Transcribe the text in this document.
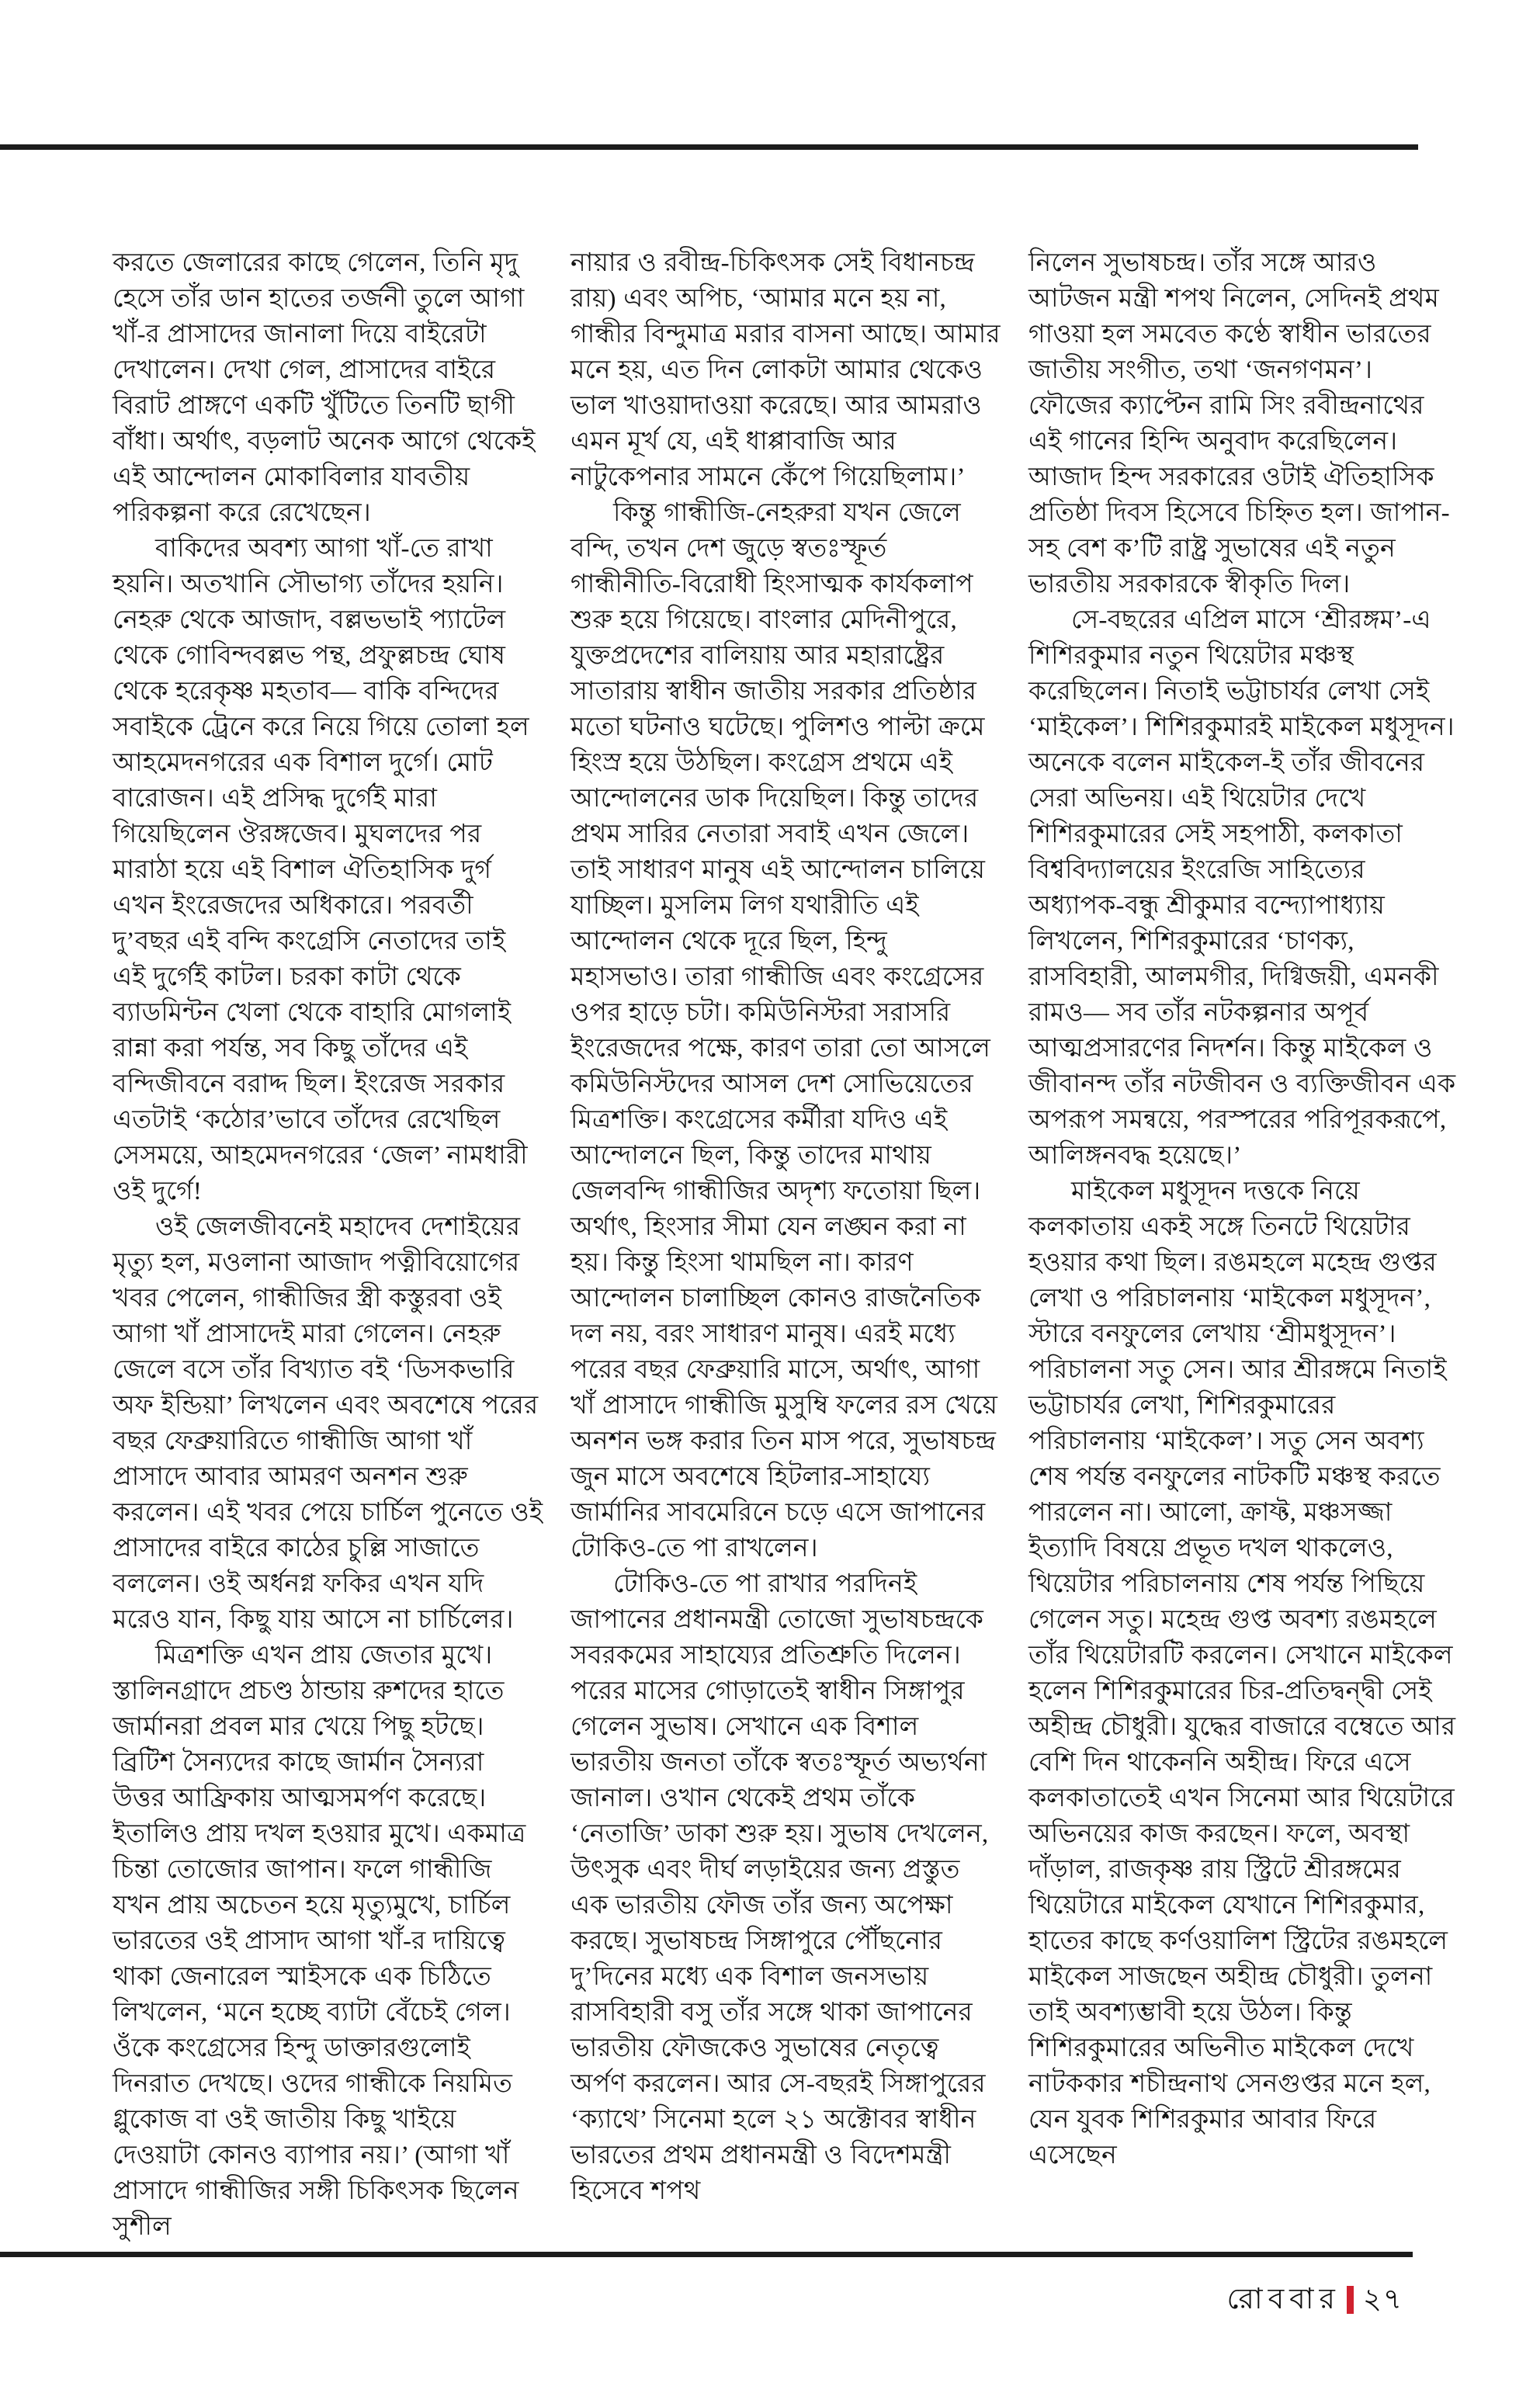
করতে জেলারের কাছে গেলেন, তিনি মৃদু হেসে তাঁর ডান হাতের তর্জনী তুলে আগা খাঁ-র প্রাসাদের জানালা দিয়ে বাইরেটা দেখালেন। দেখা গেল, প্রাসাদের বাইরে বিরাট প্রাঙ্গণে একটি খুঁটিতে তিনটি ছাগী বাঁধা। অর্থাৎ, বড়লাট অনেক আগে থেকেই এই আন্দোলন মোকাবিলার যাবতীয় পরিকল্পনা করে রেখেছেন।

বাকিদের অবশ্য আগা খাঁ-তে রাখা হয়নি। অতখানি সৌভাগ্য তাঁদের হয়নি। নেহরু থেকে আজাদ, বল্লভভাই প্যাটেল থেকে গোবিন্দবল্লভ পন্থ, প্রফুল্লচন্দ্র ঘোষ থেকে হরেকৃষ্ণ মহতাব— বাকি বন্দিদের সবাইকে ট্রেনে করে নিয়ে গিয়ে তোলা হল আহমেদনগরের এক বিশাল দুর্গে। মোট বারোজন। এই প্রসিদ্ধ দুর্গেই মারা গিয়েছিলেন ঔরঙ্গজেব। মুঘলদের পর মারাঠা হয়ে এই বিশাল ঐতিহাসিক দুর্গ এখন ইংরেজদের অধিকারে। পরবর্তী দু’বছর এই বন্দি কংগ্রেসি নেতাদের তাই এই দুর্গেই কাটল। চরকা কাটা থেকে ব্যাডমিন্টন খেলা থেকে বাহারি মোগলাই রান্না করা পর্যন্ত, সব কিছু তাঁদের এই বন্দিজীবনে বরাদ্দ ছিল। ইংরেজ সরকার এতটাই ‘কঠোর’ভাবে তাঁদের রেখেছিল সেসময়ে, আহমেদনগরের ‘জেল’ নামধারী ওই দুর্গে!

ওই জেলজীবনেই মহাদেব দেশাইয়ের মৃত্যু হল, মওলানা আজাদ পত্নীবিয়োগের খবর পেলেন, গান্ধীজির স্ত্রী কস্তুরবা ওই আগা খাঁ প্রাসাদেই মারা গেলেন। নেহরু জেলে বসে তাঁর বিখ্যাত বই ‘ডিসকভারি অফ ইন্ডিয়া’ লিখলেন এবং অবশেষে পরের বছর ফেব্রুয়ারিতে গান্ধীজি আগা খাঁ প্রাসাদে আবার আমরণ অনশন শুরু করলেন। এই খবর পেয়ে চার্চিল পুনেতে ওই প্রাসাদের বাইরে কাঠের চুল্লি সাজাতে বললেন। ওই অর্ধনগ্ন ফকির এখন যদি মরেও যান, কিছু যায় আসে না চার্চিলের।

মিত্রশক্তি এখন প্রায় জেতার মুখে। স্তালিনগ্রাদে প্রচণ্ড ঠান্ডায় রুশদের হাতে জার্মানরা প্রবল মার খেয়ে পিছু হটছে। ব্রিটিশ সৈন্যদের কাছে জার্মান সৈন্যরা উত্তর আফ্রিকায় আত্মসমর্পণ করেছে। ইতালিও প্রায় দখল হওয়ার মুখে। একমাত্র চিন্তা তোজোর জাপান। ফলে গান্ধীজি যখন প্রায় অচেতন হয়ে মৃত্যুমুখে, চার্চিল ভারতের ওই প্রাসাদ আগা খাঁ-র দায়িত্বে থাকা জেনারেল স্মাইসকে এক চিঠিতে লিখলেন, ‘মনে হচ্ছে ব্যাটা বেঁচেই গেল। ওঁকে কংগ্রেসের হিন্দু ডাক্তারগুলোই দিনরাত দেখছে। ওদের গান্ধীকে নিয়মিত গ্লুকোজ বা ওই জাতীয় কিছু খাইয়ে দেওয়াটা কোনও ব্যাপার নয়।’ (আগা খাঁ প্রাসাদে গান্ধীজির সঙ্গী চিকিৎসক ছিলেন সুশীল

নায়ার ও রবীন্দ্র-চিকিৎসক সেই বিধানচন্দ্র রায়) এবং অপিচ, ‘আমার মনে হয় না, গান্ধীর বিন্দুমাত্র মরার বাসনা আছে। আমার মনে হয়, এত দিন লোকটা আমার থেকেও ভাল খাওয়াদাওয়া করেছে। আর আমরাও এমন মূর্খ যে, এই ধাপ্পাবাজি আর নাটুকেপনার সামনে কেঁপে গিয়েছিলাম।’

কিন্তু গান্ধীজি-নেহরুরা যখন জেলে বন্দি, তখন দেশ জুড়ে স্বতঃস্ফূর্ত গান্ধীনীতি-বিরোধী হিংসাত্মক কার্যকলাপ শুরু হয়ে গিয়েছে। বাংলার মেদিনীপুরে, যুক্তপ্রদেশের বালিয়ায় আর মহারাষ্ট্রের সাতারায় স্বাধীন জাতীয় সরকার প্রতিষ্ঠার মতো ঘটনাও ঘটেছে। পুলিশও পাল্টা ক্রমে হিংস্র হয়ে উঠছিল। কংগ্রেস প্রথমে এই আন্দোলনের ডাক দিয়েছিল। কিন্তু তাদের প্রথম সারির নেতারা সবাই এখন জেলে। তাই সাধারণ মানুষ এই আন্দোলন চালিয়ে যাচ্ছিল। মুসলিম লিগ যথারীতি এই আন্দোলন থেকে দূরে ছিল, হিন্দু মহাসভাও। তারা গান্ধীজি এবং কংগ্রেসের ওপর হাড়ে চটা। কমিউনিস্টরা সরাসরি ইংরেজদের পক্ষে, কারণ তারা তো আসলে কমিউনিস্টদের আসল দেশ সোভিয়েতের মিত্রশক্তি। কংগ্রেসের কর্মীরা যদিও এই আন্দোলনে ছিল, কিন্তু তাদের মাথায় জেলবন্দি গান্ধীজির অদৃশ্য ফতোয়া ছিল। অর্থাৎ, হিংসার সীমা যেন লঙ্ঘন করা না হয়। কিন্তু হিংসা থামছিল না। কারণ আন্দোলন চালাচ্ছিল কোনও রাজনৈতিক দল নয়, বরং সাধারণ মানুষ। এরই মধ্যে পরের বছর ফেব্রুয়ারি মাসে, অর্থাৎ, আগা খাঁ প্রাসাদে গান্ধীজি মুসুম্বি ফলের রস খেয়ে অনশন ভঙ্গ করার তিন মাস পরে, সুভাষচন্দ্র জুন মাসে অবশেষে হিটলার-সাহায্যে জার্মানির সাবমেরিনে চড়ে এসে জাপানের টোকিও-তে পা রাখলেন।

টোকিও-তে পা রাখার পরদিনই জাপানের প্রধানমন্ত্রী তোজো সুভাষচন্দ্রকে সবরকমের সাহায্যের প্রতিশ্রুতি দিলেন। পরের মাসের গোড়াতেই স্বাধীন সিঙ্গাপুর গেলেন সুভাষ। সেখানে এক বিশাল ভারতীয় জনতা তাঁকে স্বতঃস্ফূর্ত অভ্যর্থনা জানাল। ওখান থেকেই প্রথম তাঁকে ‘নেতাজি’ ডাকা শুরু হয়। সুভাষ দেখলেন, উৎসুক এবং দীর্ঘ লড়াইয়ের জন্য প্রস্তুত এক ভারতীয় ফৌজ তাঁর জন্য অপেক্ষা করছে। সুভাষচন্দ্র সিঙ্গাপুরে পৌঁছনোর দু’দিনের মধ্যে এক বিশাল জনসভায় রাসবিহারী বসু তাঁর সঙ্গে থাকা জাপানের ভারতীয় ফৌজকেও সুভাষের নেতৃত্বে অর্পণ করলেন। আর সে-বছরই সিঙ্গাপুরের ‘ক্যাথে’ সিনেমা হলে ২১ অক্টোবর স্বাধীন ভারতের প্রথম প্রধানমন্ত্রী ও বিদেশমন্ত্রী হিসেবে শপথ

নিলেন সুভাষচন্দ্র। তাঁর সঙ্গে আরও আটজন মন্ত্রী শপথ নিলেন, সেদিনই প্রথম গাওয়া হল সমবেত কণ্ঠে স্বাধীন ভারতের জাতীয় সংগীত, তথা ‘জনগণমন’। ফৌজের ক্যাপ্টেন রামি সিং রবীন্দ্রনাথের এই গানের হিন্দি অনুবাদ করেছিলেন। আজাদ হিন্দ সরকারের ওটাই ঐতিহাসিক প্রতিষ্ঠা দিবস হিসেবে চিহ্নিত হল। জাপান-সহ বেশ ক’টি রাষ্ট্র সুভাষের এই নতুন ভারতীয় সরকারকে স্বীকৃতি দিল।

সে-বছরের এপ্রিল মাসে ‘শ্রীরঙ্গম’-এ শিশিরকুমার নতুন থিয়েটার মঞ্চস্থ করেছিলেন। নিতাই ভট্টাচার্যর লেখা সেই ‘মাইকেল’। শিশিরকুমারই মাইকেল মধুসূদন। অনেকে বলেন মাইকেল-ই তাঁর জীবনের সেরা অভিনয়। এই থিয়েটার দেখে শিশিরকুমারের সেই সহপাঠী, কলকাতা বিশ্ববিদ্যালয়ের ইংরেজি সাহিত্যের অধ্যাপক-বন্ধু শ্রীকুমার বন্দ্যোপাধ্যায় লিখলেন, শিশিরকুমারের ‘চাণক্য, রাসবিহারী, আলমগীর, দিগ্বিজয়ী, এমনকী রামও— সব তাঁর নটকল্পনার অপূর্ব আত্মপ্রসারণের নিদর্শন। কিন্তু মাইকেল ও জীবানন্দ তাঁর নটজীবন ও ব্যক্তিজীবন এক অপরূপ সমন্বয়ে, পরস্পরের পরিপূরকরূপে, আলিঙ্গনবদ্ধ হয়েছে।’

মাইকেল মধুসূদন দত্তকে নিয়ে কলকাতায় একই সঙ্গে তিনটে থিয়েটার হওয়ার কথা ছিল। রঙমহলে মহেন্দ্র গুপ্তর লেখা ও পরিচালনায় ‘মাইকেল মধুসূদন’, স্টারে বনফুলের লেখায় ‘শ্রীমধুসূদন’। পরিচালনা সতু সেন। আর শ্রীরঙ্গমে নিতাই ভট্টাচার্যর লেখা, শিশিরকুমারের পরিচালনায় ‘মাইকেল’। সতু সেন অবশ্য শেষ পর্যন্ত বনফুলের নাটকটি মঞ্চস্থ করতে পারলেন না। আলো, ক্রাফ্ট, মঞ্চসজ্জা ইত্যাদি বিষয়ে প্রভূত দখল থাকলেও, থিয়েটার পরিচালনায় শেষ পর্যন্ত পিছিয়ে গেলেন সতু। মহেন্দ্র গুপ্ত অবশ্য রঙমহলে তাঁর থিয়েটারটি করলেন। সেখানে মাইকেল হলেন শিশিরকুমারের চির-প্রতিদ্বন্দ্বী সেই অহীন্দ্র চৌধুরী। যুদ্ধের বাজারে বম্বেতে আর বেশি দিন থাকেননি অহীন্দ্র। ফিরে এসে কলকাতাতেই এখন সিনেমা আর থিয়েটারে অভিনয়ের কাজ করছেন। ফলে, অবস্থা দাঁড়াল, রাজকৃষ্ণ রায় স্ট্রিটে শ্রীরঙ্গমের থিয়েটারে মাইকেল যেখানে শিশিরকুমার, হাতের কাছে কর্ণওয়ালিশ স্ট্রিটের রঙমহলে মাইকেল সাজছেন অহীন্দ্র চৌধুরী। তুলনা তাই অবশ্যম্ভাবী হয়ে উঠল। কিন্তু শিশিরকুমারের অভিনীত মাইকেল দেখে নাটককার শচীন্দ্রনাথ সেনগুপ্তর মনে হল, যেন যুবক শিশিরকুমার আবার ফিরে এসেছেন

রোববার ২৭
